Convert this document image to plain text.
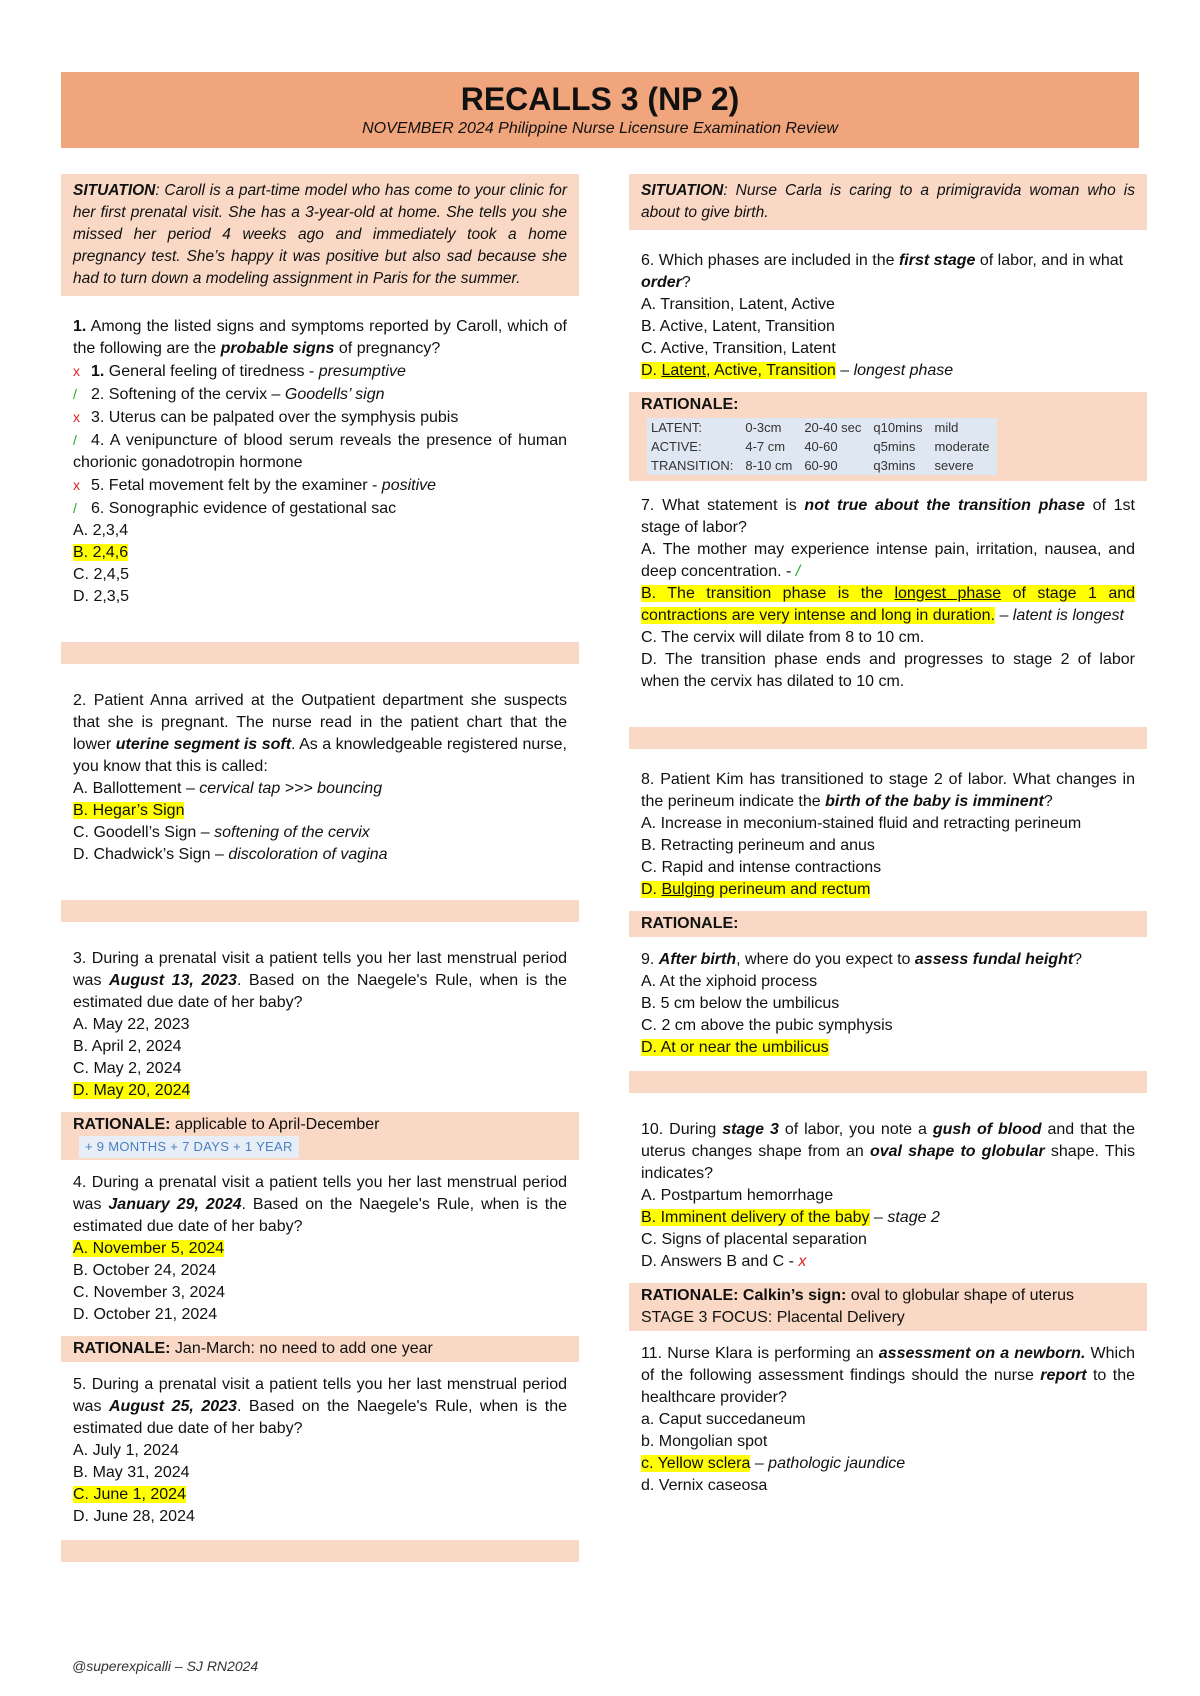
RECALLS 3 (NP 2)
NOVEMBER 2024 Philippine Nurse Licensure Examination Review
SITUATION: Caroll is a part-time model who has come to your clinic for her first prenatal visit. She has a 3-year-old at home. She tells you she missed her period 4 weeks ago and immediately took a home pregnancy test. She’s happy it was positive but also sad because she had to turn down a modeling assignment in Paris for the summer.

1. Among the listed signs and symptoms reported by Caroll, which of the following are the probable signs of pregnancy?

x 1. General feeling of tiredness - presumptive

/ 2. Softening of the cervix – Goodells’ sign

x 3. Uterus can be palpated over the symphysis pubis

/ 4. A venipuncture of blood serum reveals the presence of human chorionic gonadotropin hormone

x 5. Fetal movement felt by the examiner - positive

/ 6. Sonographic evidence of gestational sac

A. 2,3,4

B. 2,4,6

C. 2,4,5

D. 2,3,5

2. Patient Anna arrived at the Outpatient department she suspects that she is pregnant. The nurse read in the patient chart that the lower uterine segment is soft. As a knowledgeable registered nurse, you know that this is called:

A. Ballottement – cervical tap >>> bouncing

B. Hegar’s Sign

C. Goodell’s Sign – softening of the cervix

D. Chadwick’s Sign – discoloration of vagina

3. During a prenatal visit a patient tells you her last menstrual period was August 13, 2023. Based on the Naegele's Rule, when is the estimated due date of her baby?

A. May 22, 2023

B. April 2, 2024

C. May 2, 2024

D. May 20, 2024

RATIONALE: applicable to April-December
+ 9 MONTHS + 7 DAYS + 1 YEAR

4. During a prenatal visit a patient tells you her last menstrual period was January 29, 2024. Based on the Naegele's Rule, when is the estimated due date of her baby?

A. November 5, 2024

B. October 24, 2024

C. November 3, 2024

D. October 21, 2024

RATIONALE: Jan-March: no need to add one year

5. During a prenatal visit a patient tells you her last menstrual period was August 25, 2023. Based on the Naegele's Rule, when is the estimated due date of her baby?

A. July 1, 2024

B. May 31, 2024

C. June 1, 2024

D. June 28, 2024

SITUATION: Nurse Carla is caring to a primigravida woman who is about to give birth.

6. Which phases are included in the first stage of labor, and in what order?

A. Transition, Latent, Active

B. Active, Latent, Transition

C. Active, Transition, Latent

D. Latent, Active, Transition – longest phase

RATIONALE:
LATENT:	0-3cm	20-40 sec	q10mins	mild
ACTIVE:	4-7 cm	40-60	q5mins	moderate
TRANSITION:	8-10 cm	60-90	q3mins	severe

7. What statement is not true about the transition phase of 1st stage of labor?

A. The mother may experience intense pain, irritation, nausea, and deep concentration. - /

B. The transition phase is the longest phase of stage 1 and contractions are very intense and long in duration. – latent is longest

C. The cervix will dilate from 8 to 10 cm.

D. The transition phase ends and progresses to stage 2 of labor when the cervix has dilated to 10 cm.

8. Patient Kim has transitioned to stage 2 of labor. What changes in the perineum indicate the birth of the baby is imminent?

A. Increase in meconium-stained fluid and retracting perineum

B. Retracting perineum and anus

C. Rapid and intense contractions

D. Bulging perineum and rectum

RATIONALE:

9. After birth, where do you expect to assess fundal height?

A. At the xiphoid process

B. 5 cm below the umbilicus

C. 2 cm above the pubic symphysis

D. At or near the umbilicus

10. During stage 3 of labor, you note a gush of blood and that the uterus changes shape from an oval shape to globular shape. This indicates?

A. Postpartum hemorrhage

B. Imminent delivery of the baby – stage 2

C. Signs of placental separation

D. Answers B and C - x

RATIONALE: Calkin’s sign: oval to globular shape of uterus
STAGE 3 FOCUS: Placental Delivery

11. Nurse Klara is performing an assessment on a newborn. Which of the following assessment findings should the nurse report to the healthcare provider?

a. Caput succedaneum

b. Mongolian spot

c. Yellow sclera – pathologic jaundice

d. Vernix caseosa

@superexpicalli – SJ RN2024
